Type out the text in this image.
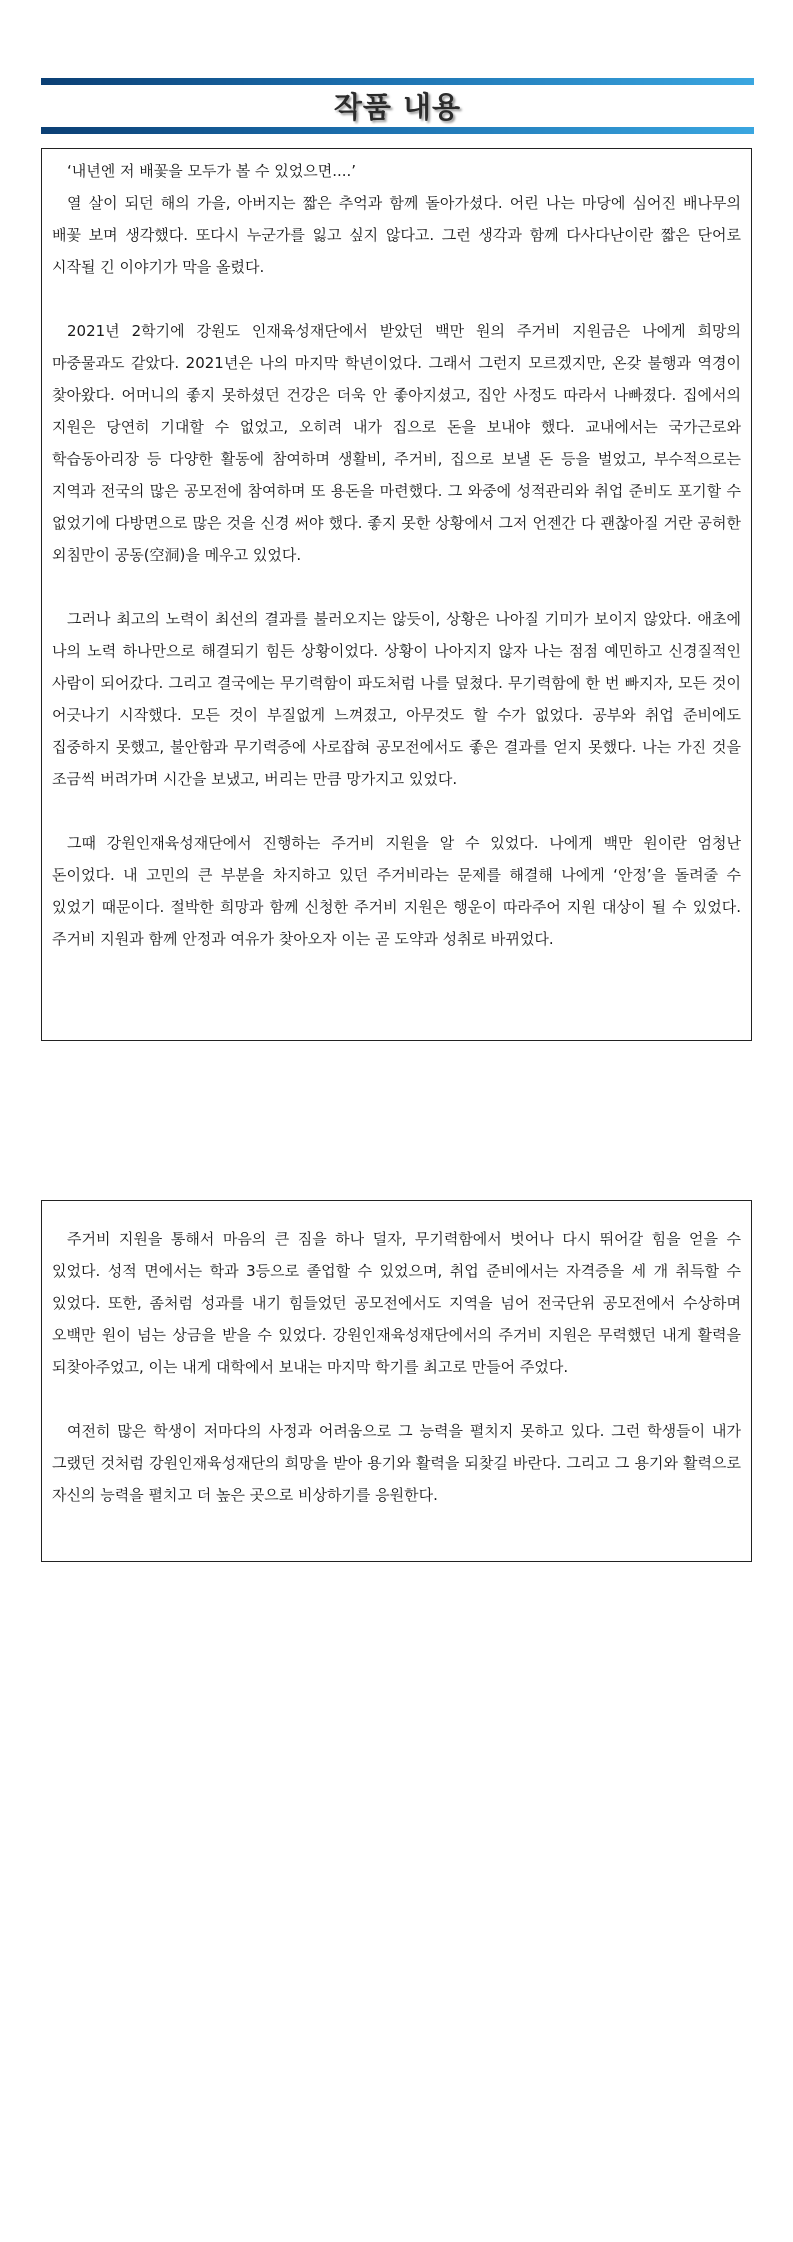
작품 내용

‘내년엔 저 배꽃을 모두가 볼 수 있었으면....’

열 살이 되던 해의 가을, 아버지는 짧은 추억과 함께 돌아가셨다. 어린 나는 마당에 심어진 배나무의 배꽃 보며 생각했다. 또다시 누군가를 잃고 싶지 않다고. 그런 생각과 함께 다사다난이란 짧은 단어로 시작될 긴 이야기가 막을 올렸다.

2021년 2학기에 강원도 인재육성재단에서 받았던 백만 원의 주거비 지원금은 나에게 희망의 마중물과도 같았다. 2021년은 나의 마지막 학년이었다. 그래서 그런지 모르겠지만, 온갖 불행과 역경이 찾아왔다. 어머니의 좋지 못하셨던 건강은 더욱 안 좋아지셨고, 집안 사정도 따라서 나빠졌다. 집에서의 지원은 당연히 기대할 수 없었고, 오히려 내가 집으로 돈을 보내야 했다. 교내에서는 국가근로와 학습동아리장 등 다양한 활동에 참여하며 생활비, 주거비, 집으로 보낼 돈 등을 벌었고, 부수적으로는 지역과 전국의 많은 공모전에 참여하며 또 용돈을 마련했다. 그 와중에 성적관리와 취업 준비도 포기할 수 없었기에 다방면으로 많은 것을 신경 써야 했다. 좋지 못한 상황에서 그저 언젠간 다 괜찮아질 거란 공허한 외침만이 공동(空洞)을 메우고 있었다.

그러나 최고의 노력이 최선의 결과를 불러오지는 않듯이, 상황은 나아질 기미가 보이지 않았다. 애초에 나의 노력 하나만으로 해결되기 힘든 상황이었다. 상황이 나아지지 않자 나는 점점 예민하고 신경질적인 사람이 되어갔다. 그리고 결국에는 무기력함이 파도처럼 나를 덮쳤다. 무기력함에 한 번 빠지자, 모든 것이 어긋나기 시작했다. 모든 것이 부질없게 느껴졌고, 아무것도 할 수가 없었다. 공부와 취업 준비에도 집중하지 못했고, 불안함과 무기력증에 사로잡혀 공모전에서도 좋은 결과를 얻지 못했다. 나는 가진 것을 조금씩 버려가며 시간을 보냈고, 버리는 만큼 망가지고 있었다.

그때 강원인재육성재단에서 진행하는 주거비 지원을 알 수 있었다. 나에게 백만 원이란 엄청난 돈이었다. 내 고민의 큰 부분을 차지하고 있던 주거비라는 문제를 해결해 나에게 ‘안정’을 돌려줄 수 있었기 때문이다. 절박한 희망과 함께 신청한 주거비 지원은 행운이 따라주어 지원 대상이 될 수 있었다. 주거비 지원과 함께 안정과 여유가 찾아오자 이는 곧 도약과 성취로 바뀌었다.

주거비 지원을 통해서 마음의 큰 짐을 하나 덜자, 무기력함에서 벗어나 다시 뛰어갈 힘을 얻을 수 있었다. 성적 면에서는 학과 3등으로 졸업할 수 있었으며, 취업 준비에서는 자격증을 세 개 취득할 수 있었다. 또한, 좀처럼 성과를 내기 힘들었던 공모전에서도 지역을 넘어 전국단위 공모전에서 수상하며 오백만 원이 넘는 상금을 받을 수 있었다. 강원인재육성재단에서의 주거비 지원은 무력했던 내게 활력을 되찾아주었고, 이는 내게 대학에서 보내는 마지막 학기를 최고로 만들어 주었다.

여전히 많은 학생이 저마다의 사정과 어려움으로 그 능력을 펼치지 못하고 있다. 그런 학생들이 내가 그랬던 것처럼 강원인재육성재단의 희망을 받아 용기와 활력을 되찾길 바란다. 그리고 그 용기와 활력으로 자신의 능력을 펼치고 더 높은 곳으로 비상하기를 응원한다.
